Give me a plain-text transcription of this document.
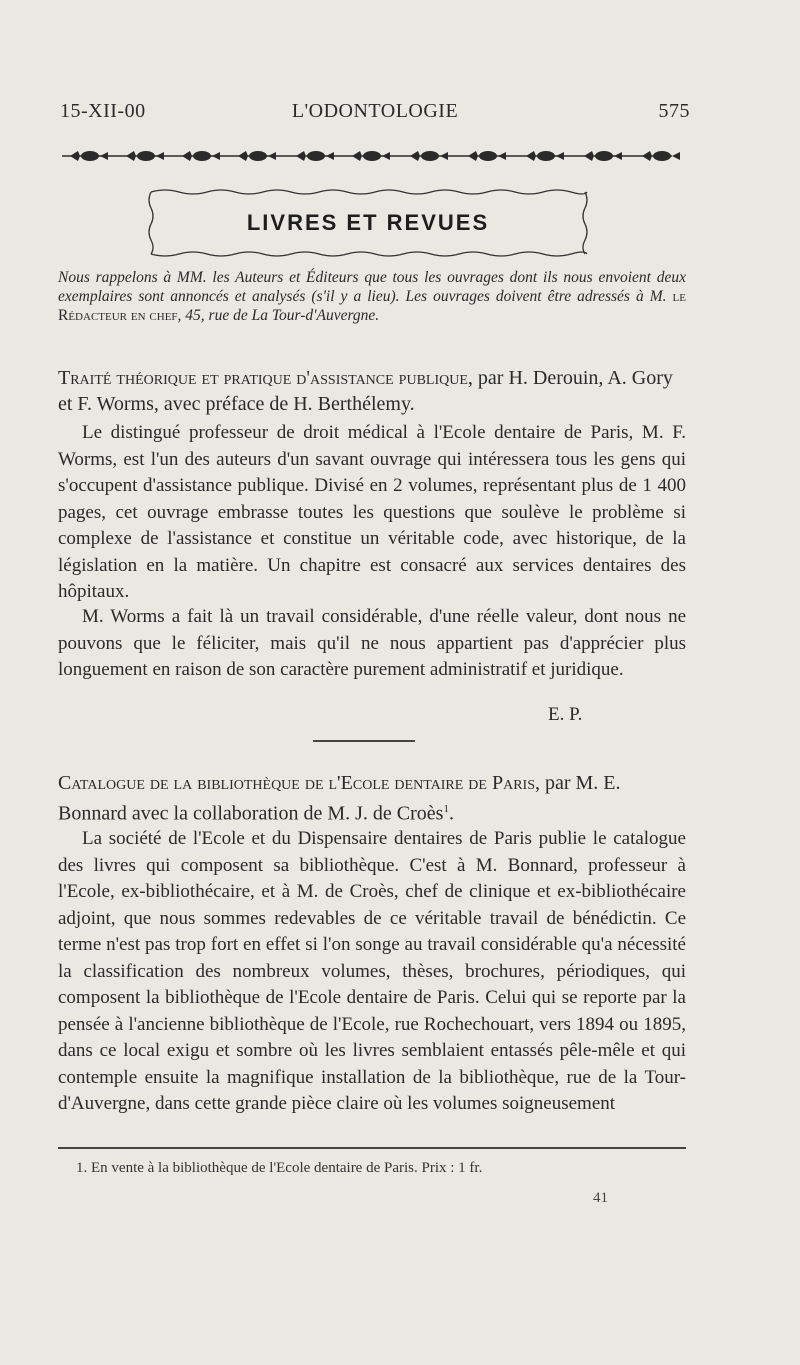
15-XII-00	L'ODONTOLOGIE	575
LIVRES ET REVUES
Nous rappelons à MM. les Auteurs et Éditeurs que tous les ouvrages dont ils nous envoient deux exemplaires sont annoncés et analysés (s'il y a lieu). Les ouvrages doivent être adressés à M. le Rédacteur en chef, 45, rue de La Tour-d'Auvergne.
Traité théorique et pratique d'assistance publique, par H. Derouin, A. Gory et F. Worms, avec préface de H. Berthélemy.
Le distingué professeur de droit médical à l'Ecole dentaire de Paris, M. F. Worms, est l'un des auteurs d'un savant ouvrage qui intéressera tous les gens qui s'occupent d'assistance publique. Divisé en 2 volumes, représentant plus de 1 400 pages, cet ouvrage embrasse toutes les questions que soulève le problème si complexe de l'assistance et constitue un véritable code, avec historique, de la législation en la matière. Un chapitre est consacré aux services dentaires des hôpitaux.
M. Worms a fait là un travail considérable, d'une réelle valeur, dont nous ne pouvons que le féliciter, mais qu'il ne nous appartient pas d'apprécier plus longuement en raison de son caractère purement administratif et juridique.
E. P.
Catalogue de la bibliothèque de l'Ecole dentaire de Paris, par M. E. Bonnard avec la collaboration de M. J. de Croès$^1$.
La société de l'Ecole et du Dispensaire dentaires de Paris publie le catalogue des livres qui composent sa bibliothèque. C'est à M. Bonnard, professeur à l'Ecole, ex-bibliothécaire, et à M. de Croès, chef de clinique et ex-bibliothécaire adjoint, que nous sommes redevables de ce véritable travail de bénédictin. Ce terme n'est pas trop fort en effet si l'on songe au travail considérable qu'a nécessité la classification des nombreux volumes, thèses, brochures, périodiques, qui composent la bibliothèque de l'Ecole dentaire de Paris. Celui qui se reporte par la pensée à l'ancienne bibliothèque de l'Ecole, rue Rochechouart, vers 1894 ou 1895, dans ce local exigu et sombre où les livres semblaient entassés pêle-mêle et qui contemple ensuite la magnifique installation de la bibliothèque, rue de la Tour-d'Auvergne, dans cette grande pièce claire où les volumes soigneusement
1. En vente à la bibliothèque de l'Ecole dentaire de Paris. Prix : 1 fr.
41
